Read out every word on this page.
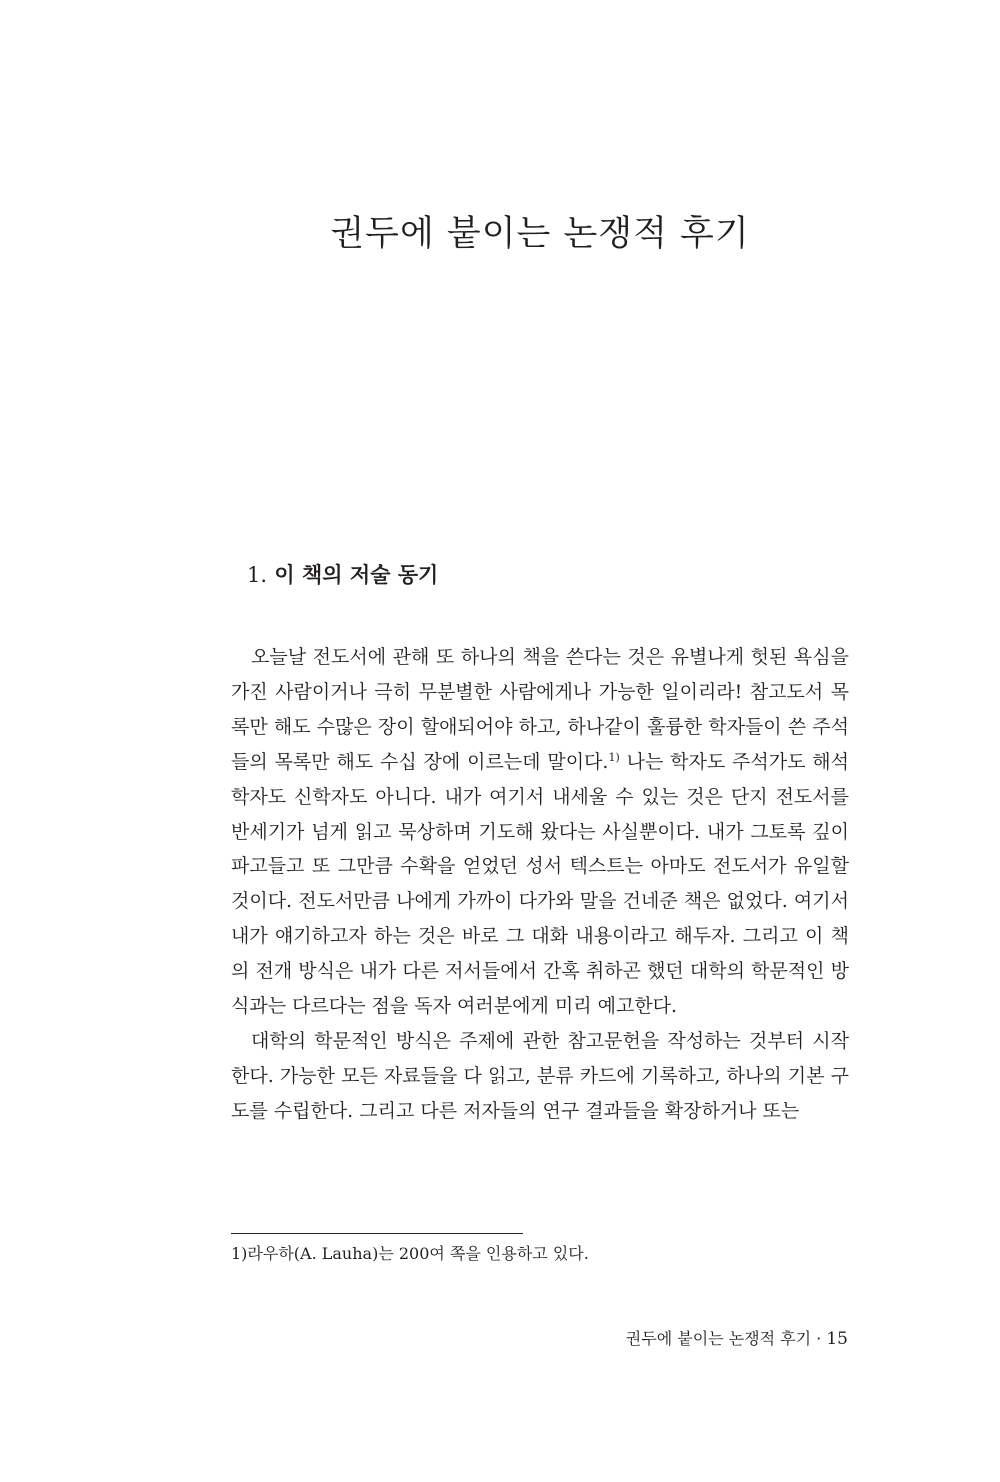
권두에 붙이는 논쟁적 후기
1. 이 책의 저술 동기

오늘날 전도서에 관해 또 하나의 책을 쓴다는 것은 유별나게 헛된 욕심을 가진 사람이거나 극히 무분별한 사람에게나 가능한 일이리라! 참고도서 목록만 해도 수많은 장이 할애되어야 하고, 하나같이 훌륭한 학자들이 쓴 주석들의 목록만 해도 수십 장에 이르는데 말이다.$^{1)}$ 나는 학자도 주석가도 해석학자도 신학자도 아니다. 내가 여기서 내세울 수 있는 것은 단지 전도서를 반세기가 넘게 읽고 묵상하며 기도해 왔다는 사실뿐이다. 내가 그토록 깊이 파고들고 또 그만큼 수확을 얻었던 성서 텍스트는 아마도 전도서가 유일할 것이다. 전도서만큼 나에게 가까이 다가와 말을 건네준 책은 없었다. 여기서 내가 얘기하고자 하는 것은 바로 그 대화 내용이라고 해두자. 그리고 이 책의 전개 방식은 내가 다른 저서들에서 간혹 취하곤 했던 대학의 학문적인 방식과는 다르다는 점을 독자 여러분에게 미리 예고한다.

대학의 학문적인 방식은 주제에 관한 참고문헌을 작성하는 것부터 시작한다. 가능한 모든 자료들을 다 읽고, 분류 카드에 기록하고, 하나의 기본 구도를 수립한다. 그리고 다른 저자들의 연구 결과들을 확장하거나 또는

1)라우하(A. Lauha)는 200여 쪽을 인용하고 있다.

권두에 붙이는 논쟁적 후기 · 15
